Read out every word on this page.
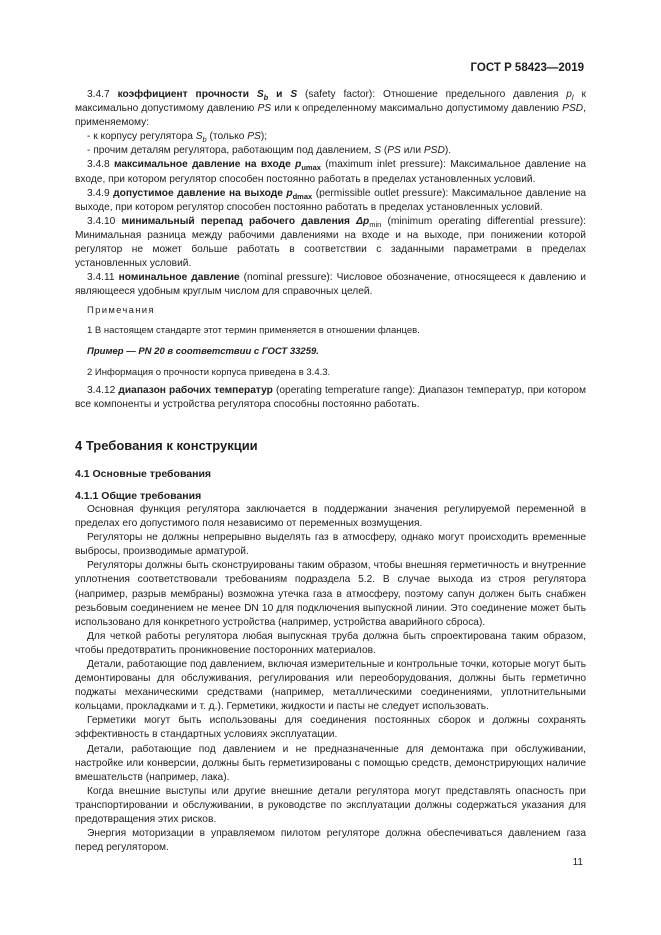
ГОСТ Р 58423—2019

3.4.7 коэффициент прочности $S_b$ и S (safety factor): Отношение предельного давления $p_l$ к максимально допустимому давлению PS или к определенному максимально допустимому давлению PSD, применяемому:

- к корпусу регулятора $S_b$ (только PS);

- прочим деталям регулятора, работающим под давлением, S (PS или PSD).

3.4.8 максимальное давление на входе $p_{umax}$ (maximum inlet pressure): Максимальное давление на входе, при котором регулятор способен постоянно работать в пределах установленных условий.

3.4.9 допустимое давление на выходе $p_{dmax}$ (permissible outlet pressure): Максимальное давление на выходе, при котором регулятор способен постоянно работать в пределах установленных условий.

3.4.10 минимальный перепад рабочего давления $\Delta p_{min}$ (minimum operating differential pressure): Минимальная разница между рабочими давлениями на входе и на выходе, при понижении которой регулятор не может больше работать в соответствии с заданными параметрами в пределах установленных условий.

3.4.11 номинальное давление (nominal pressure): Числовое обозначение, относящееся к давлению и являющееся удобным круглым числом для справочных целей.

Примечания

1 В настоящем стандарте этот термин применяется в отношении фланцев.

Пример — PN 20 в соответствии с ГОСТ 33259.

2 Информация о прочности корпуса приведена в 3.4.3.

3.4.12 диапазон рабочих температур (operating temperature range): Диапазон температур, при котором все компоненты и устройства регулятора способны постоянно работать.

4 Требования к конструкции
4.1 Основные требования
4.1.1 Общие требования

Основная функция регулятора заключается в поддержании значения регулируемой переменной в пределах его допустимого поля независимо от переменных возмущения.

Регуляторы не должны непрерывно выделять газ в атмосферу, однако могут происходить временные выбросы, производимые арматурой.

Регуляторы должны быть сконструированы таким образом, чтобы внешняя герметичность и внутренние уплотнения соответствовали требованиям подраздела 5.2. В случае выхода из строя регулятора (например, разрыв мембраны) возможна утечка газа в атмосферу, поэтому сапун должен быть снабжен резьбовым соединением не менее DN 10 для подключения выпускной линии. Это соединение может быть использовано для конкретного устройства (например, устройства аварийного сброса).

Для четкой работы регулятора любая выпускная труба должна быть спроектирована таким образом, чтобы предотвратить проникновение посторонних материалов.

Детали, работающие под давлением, включая измерительные и контрольные точки, которые могут быть демонтированы для обслуживания, регулирования или переоборудования, должны быть герметично поджаты механическими средствами (например, металлическими соединениями, уплотнительными кольцами, прокладками и т. д.). Герметики, жидкости и пасты не следует использовать.

Герметики могут быть использованы для соединения постоянных сборок и должны сохранять эффективность в стандартных условиях эксплуатации.

Детали, работающие под давлением и не предназначенные для демонтажа при обслуживании, настройке или конверсии, должны быть герметизированы с помощью средств, демонстрирующих наличие вмешательств (например, лака).

Когда внешние выступы или другие внешние детали регулятора могут представлять опасность при транспортировании и обслуживании, в руководстве по эксплуатации должны содержаться указания для предотвращения этих рисков.

Энергия моторизации в управляемом пилотом регуляторе должна обеспечиваться давлением газа перед регулятором.

11
